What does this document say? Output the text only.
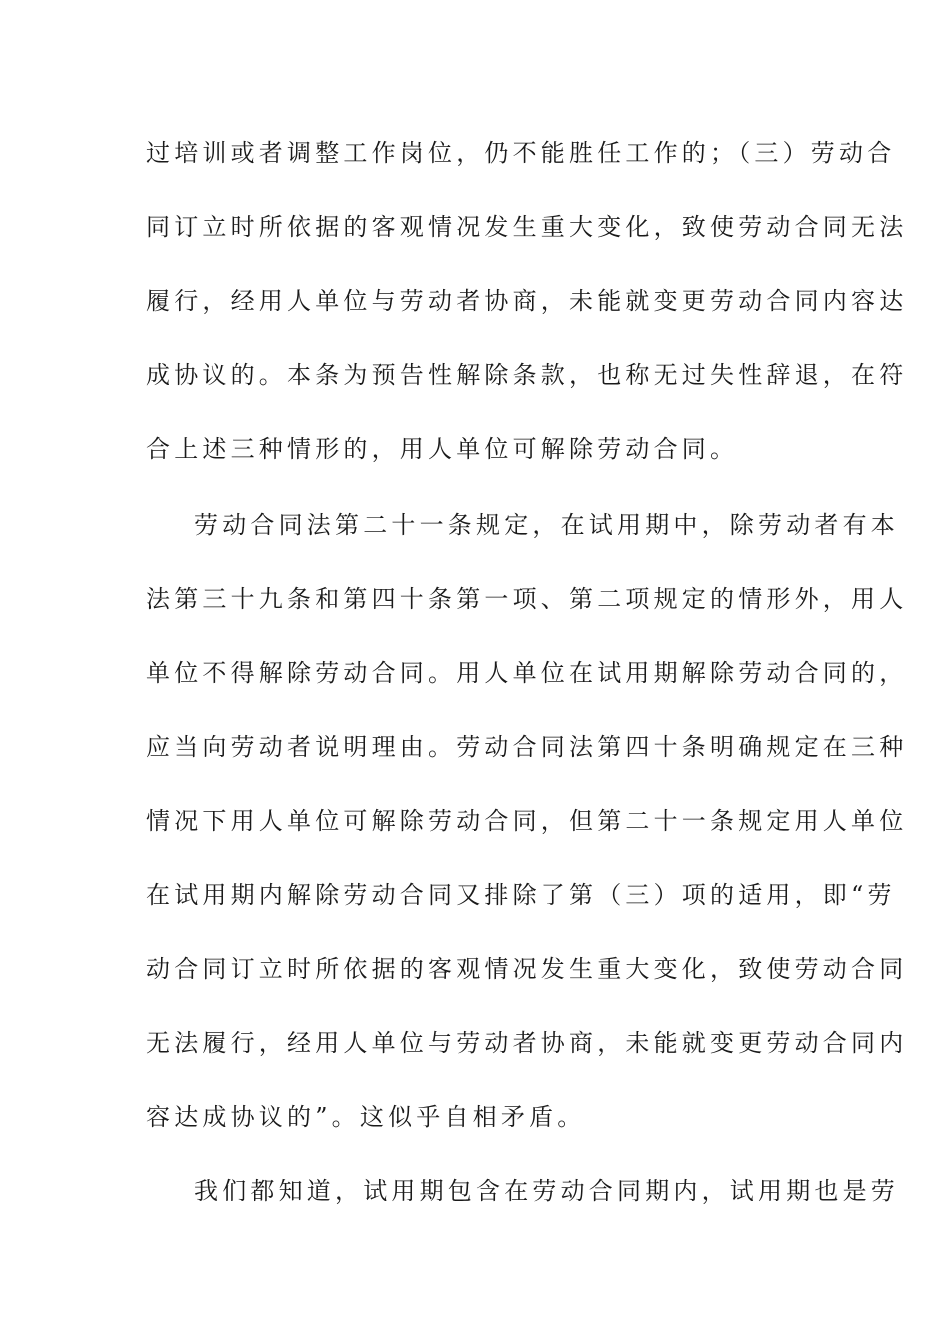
过培训或者调整工作岗位，仍不能胜任工作的；（三）劳动合
同订立时所依据的客观情况发生重大变化，致使劳动合同无法
履行，经用人单位与劳动者协商，未能就变更劳动合同内容达
成协议的。本条为预告性解除条款，也称无过失性辞退，在符
合上述三种情形的，用人单位可解除劳动合同。
劳动合同法第二十一条规定，在试用期中，除劳动者有本
法第三十九条和第四十条第一项、第二项规定的情形外，用人
单位不得解除劳动合同。用人单位在试用期解除劳动合同的，
应当向劳动者说明理由。劳动合同法第四十条明确规定在三种
情况下用人单位可解除劳动合同，但第二十一条规定用人单位
在试用期内解除劳动合同又排除了第（三）项的适用，即“劳
动合同订立时所依据的客观情况发生重大变化，致使劳动合同
无法履行，经用人单位与劳动者协商，未能就变更劳动合同内
容达成协议的”。这似乎自相矛盾。
我们都知道，试用期包含在劳动合同期内，试用期也是劳
